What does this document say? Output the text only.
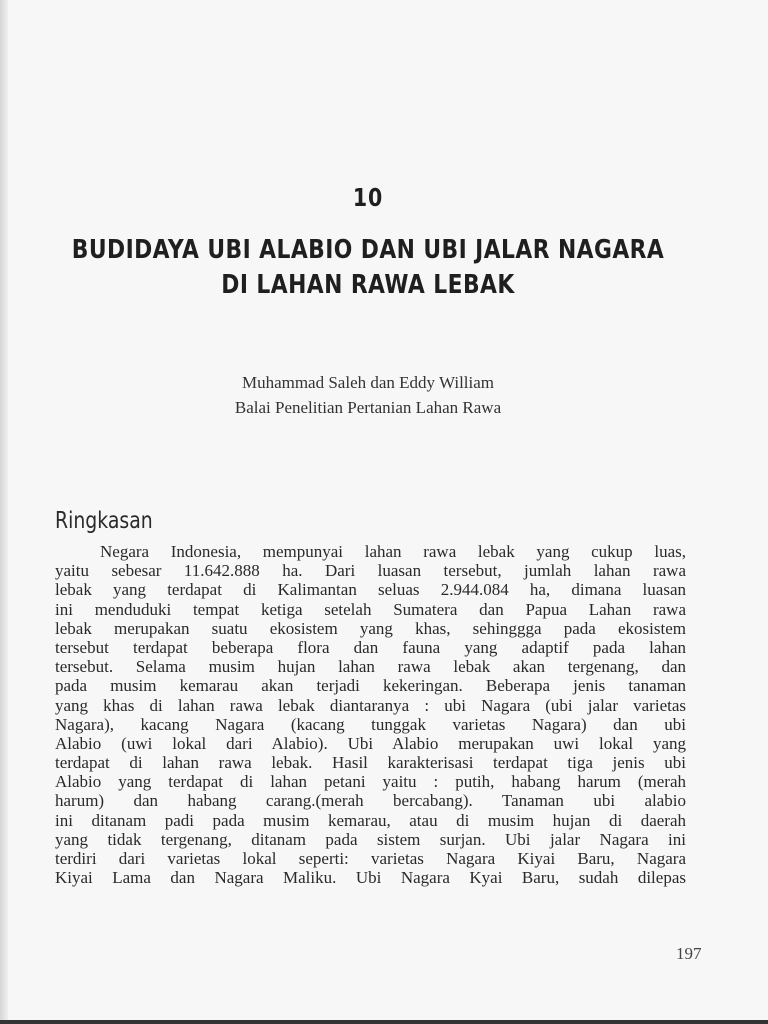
10
BUDIDAYA UBI ALABIO DAN UBI JALAR NAGARA
DI LAHAN RAWA LEBAK
Muhammad Saleh dan Eddy William
Balai Penelitian Pertanian Lahan Rawa
Ringkasan
Negara Indonesia, mempunyai lahan rawa lebak yang cukup luas,
yaitu sebesar 11.642.888 ha. Dari luasan tersebut, jumlah lahan rawa
lebak yang terdapat di Kalimantan seluas 2.944.084 ha, dimana luasan
ini menduduki tempat ketiga setelah Sumatera dan Papua Lahan rawa
lebak merupakan suatu ekosistem yang khas, sehinggga pada ekosistem
tersebut terdapat beberapa flora dan fauna yang adaptif pada lahan
tersebut. Selama musim hujan lahan rawa lebak akan tergenang, dan
pada musim kemarau akan terjadi kekeringan. Beberapa jenis tanaman
yang khas di lahan rawa lebak diantaranya : ubi Nagara (ubi jalar varietas
Nagara), kacang Nagara (kacang tunggak varietas Nagara) dan ubi
Alabio (uwi lokal dari Alabio). Ubi Alabio merupakan uwi lokal yang
terdapat di lahan rawa lebak. Hasil karakterisasi terdapat tiga jenis ubi
Alabio yang terdapat di lahan petani yaitu : putih, habang harum (merah
harum) dan habang carang.(merah bercabang). Tanaman ubi alabio
ini ditanam padi pada musim kemarau, atau di musim hujan di daerah
yang tidak tergenang, ditanam pada sistem surjan. Ubi jalar Nagara ini
terdiri dari varietas lokal seperti: varietas Nagara Kiyai Baru, Nagara
Kiyai Lama dan Nagara Maliku. Ubi Nagara Kyai Baru, sudah dilepas
197
